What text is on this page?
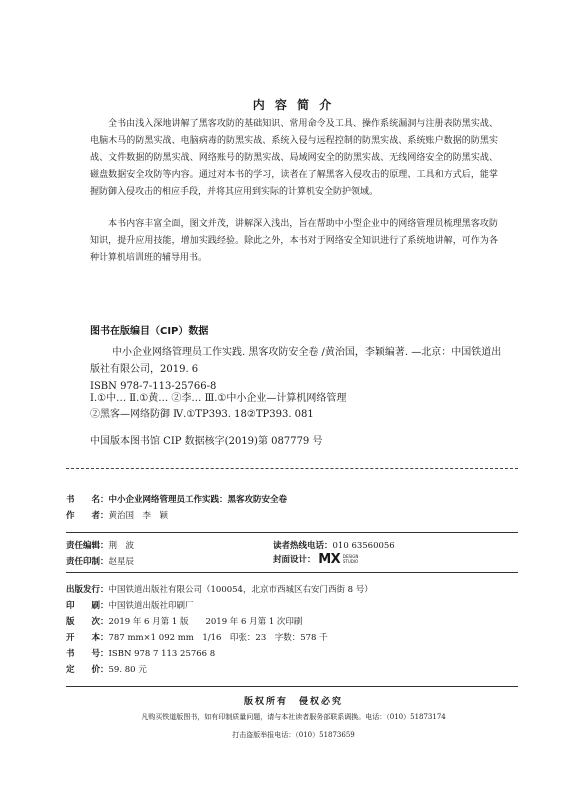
内 容 简 介

全书由浅入深地讲解了黑客攻防的基础知识、常用命令及工具、操作系统漏洞与注册表防黑实战、电脑木马的防黑实战、电脑病毒的防黑实战、系统入侵与远程控制的防黑实战、系统账户数据的防黑实战、文件数据的防黑实战、网络账号的防黑实战、局域网安全的防黑实战、无线网络安全的防黑实战、磁盘数据安全攻防等内容。通过对本书的学习，读者在了解黑客入侵攻击的原理、工具和方式后，能掌握防御入侵攻击的相应手段，并将其应用到实际的计算机安全防护领域。

本书内容丰富全面，图文并茂，讲解深入浅出，旨在帮助中小型企业中的网络管理员梳理黑客攻防知识，提升应用技能，增加实践经验。除此之外，本书对于网络安全知识进行了系统地讲解，可作为各种计算机培训班的辅导用书。

图书在版编目（CIP）数据

中小企业网络管理员工作实践. 黑客攻防安全卷 /黄治国，李颖编著. —北京：中国铁道出版社有限公司，2019. 6

ISBN 978-7-113-25766-8
Ⅰ.①中… Ⅱ.①黄… ②李… Ⅲ.①中小企业—计算机网络管理
②黑客—网络防御 Ⅳ.①TP393. 18②TP393. 081
中国版本图书馆 CIP 数据核字(2019)第 087779 号
书　　名：中小企业网络管理员工作实践：黑客攻防安全卷
作　　者：黄治国　李　颖
责任编辑：荆　波	读者热线电话：010 63560056
责任印制：赵星辰	封面设计： MX DESIGN
STUDIO
出版发行：中国铁道出版社有限公司（100054，北京市西城区右安门西街 8 号）
印　　刷：中国铁道出版社印刷厂
版　　次：2019 年 6 月第 1 版　　2019 年 6 月第 1 次印刷
开　　本：787 mm×1 092 mm　1/16　印张：23　字数：578 千
书　　号：ISBN 978 7 113 25766 8
定　　价：59. 80 元
版权所有　侵权必究
凡购买铁道版图书，如有印制质量问题，请与本社读者服务部联系调换。电话：（010）51873174
打击盗版举报电话：（010）51873659
